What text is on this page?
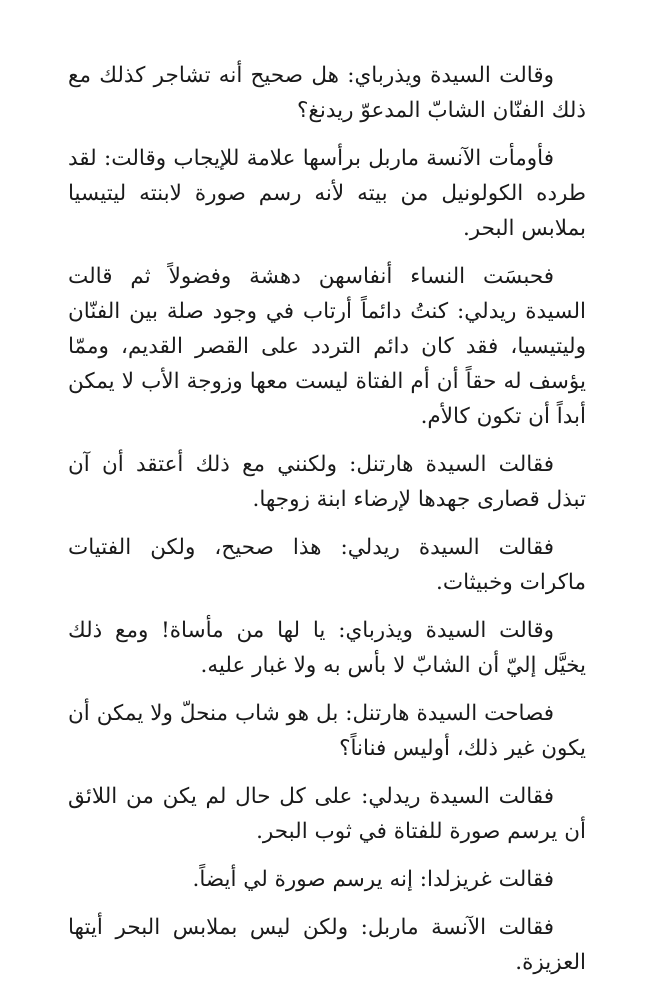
وقالت السيدة ويذرباي: هل صحيح أنه تشاجر كذلك مع ذلك الفنّان الشابّ المدعوّ ريدنغ؟

فأومأت الآنسة ماربل برأسها علامة للإيجاب وقالت: لقد طرده الكولونيل من بيته لأنه رسم صورة لابنته ليتيسيا بملابس البحر.

فحبسَت النساء أنفاسهن دهشة وفضولاً ثم قالت السيدة ريدلي: كنتُ دائماً أرتاب في وجود صلة بين الفنّان وليتيسيا، فقد كان دائم التردد على القصر القديم، وممّا يؤسف له حقاً أن أم الفتاة ليست معها وزوجة الأب لا يمكن أبداً أن تكون كالأم.

فقالت السيدة هارتنل: ولكنني مع ذلك أعتقد أن آن تبذل قصارى جهدها لإرضاء ابنة زوجها.

فقالت السيدة ريدلي: هذا صحيح، ولكن الفتيات ماكرات وخبيثات.

وقالت السيدة ويذرباي: يا لها من مأساة! ومع ذلك يخيَّل إليّ أن الشابّ لا بأس به ولا غبار عليه.

فصاحت السيدة هارتنل: بل هو شاب منحلّ ولا يمكن أن يكون غير ذلك، أوليس فناناً؟

فقالت السيدة ريدلي: على كل حال لم يكن من اللائق أن يرسم صورة للفتاة في ثوب البحر.

فقالت غريزلدا: إنه يرسم صورة لي أيضاً.

فقالت الآنسة ماربل: ولكن ليس بملابس البحر أيتها العزيزة.
